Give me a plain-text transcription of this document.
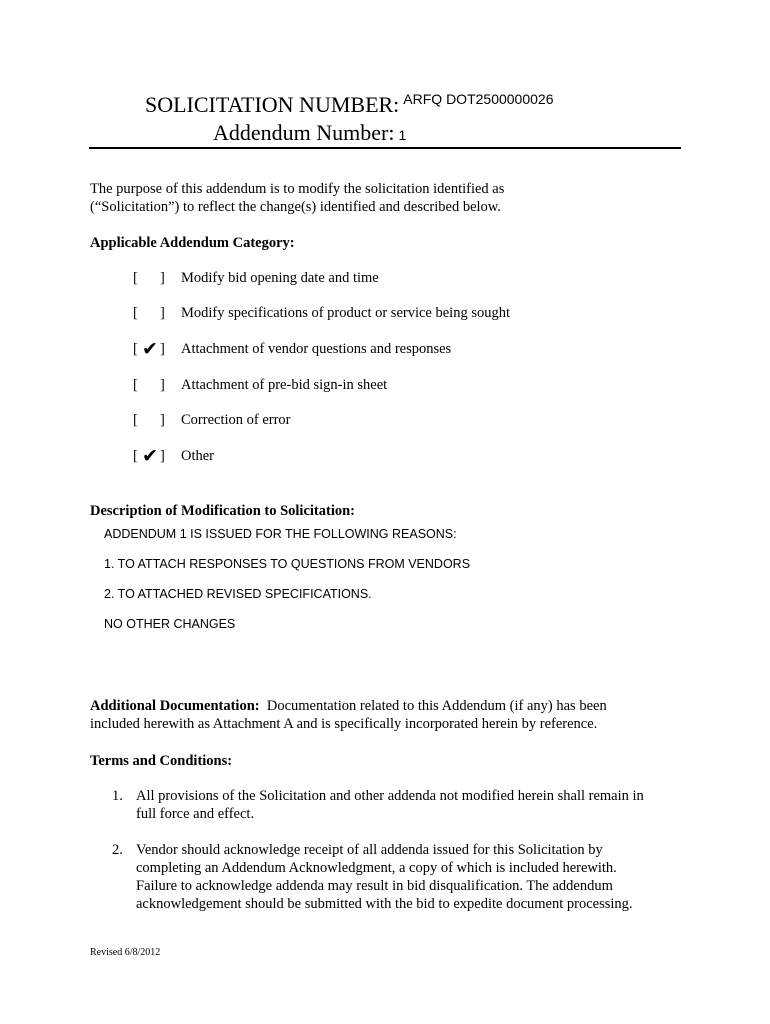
SOLICITATION NUMBER: $^{ARFQ DOT2500000026}$
Addendum Number: 1
The purpose of this addendum is to modify the solicitation identified as
(“Solicitation”) to reflect the change(s) identified and described below.
Applicable Addendum Category:
[ ] Modify bid opening date and time
[ ] Modify specifications of product or service being sought
[ ✔ ] Attachment of vendor questions and responses
[ ] Attachment of pre-bid sign-in sheet
[ ] Correction of error
[ ✔ ] Other
Description of Modification to Solicitation:
ADDENDUM 1 IS ISSUED FOR THE FOLLOWING REASONS:
1. TO ATTACH RESPONSES TO QUESTIONS FROM VENDORS
2. TO ATTACHED REVISED SPECIFICATIONS.
NO OTHER CHANGES
Additional Documentation: Documentation related to this Addendum (if any) has been
included herewith as Attachment A and is specifically incorporated herein by reference.
Terms and Conditions:
1. All provisions of the Solicitation and other addenda not modified herein shall remain in
full force and effect.
2. Vendor should acknowledge receipt of all addenda issued for this Solicitation by
completing an Addendum Acknowledgment, a copy of which is included herewith.
Failure to acknowledge addenda may result in bid disqualification. The addendum
acknowledgement should be submitted with the bid to expedite document processing.
Revised 6/8/2012
